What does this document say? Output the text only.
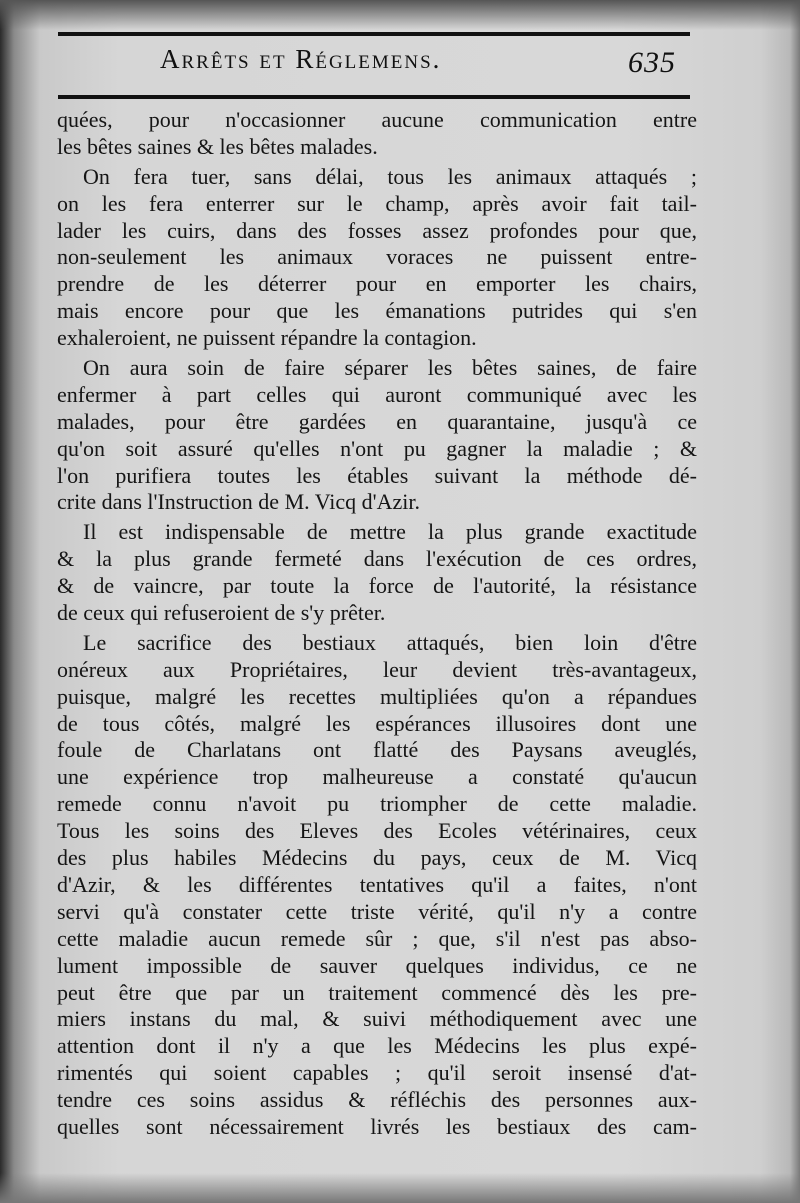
Arrêts et Réglemens.	635
quées, pour n'occasionner aucune communication entre
les bêtes saines & les bêtes malades.
On fera tuer, sans délai, tous les animaux attaqués ;
on les fera enterrer sur le champ, après avoir fait tail-
lader les cuirs, dans des fosses assez profondes pour que,
non-seulement les animaux voraces ne puissent entre-
prendre de les déterrer pour en emporter les chairs,
mais encore pour que les émanations putrides qui s'en
exhaleroient, ne puissent répandre la contagion.
On aura soin de faire séparer les bêtes saines, de faire
enfermer à part celles qui auront communiqué avec les
malades, pour être gardées en quarantaine, jusqu'à ce
qu'on soit assuré qu'elles n'ont pu gagner la maladie ; &
l'on purifiera toutes les étables suivant la méthode dé-
crite dans l'Instruction de M. Vicq d'Azir.
Il est indispensable de mettre la plus grande exactitude
& la plus grande fermeté dans l'exécution de ces ordres,
& de vaincre, par toute la force de l'autorité, la résistance
de ceux qui refuseroient de s'y prêter.
Le sacrifice des bestiaux attaqués, bien loin d'être
onéreux aux Propriétaires, leur devient très-avantageux,
puisque, malgré les recettes multipliées qu'on a répandues
de tous côtés, malgré les espérances illusoires dont une
foule de Charlatans ont flatté des Paysans aveuglés,
une expérience trop malheureuse a constaté qu'aucun
remede connu n'avoit pu triompher de cette maladie.
Tous les soins des Eleves des Ecoles vétérinaires, ceux
des plus habiles Médecins du pays, ceux de M. Vicq
d'Azir, & les différentes tentatives qu'il a faites, n'ont
servi qu'à constater cette triste vérité, qu'il n'y a contre
cette maladie aucun remede sûr ; que, s'il n'est pas abso-
lument impossible de sauver quelques individus, ce ne
peut être que par un traitement commencé dès les pre-
miers instans du mal, & suivi méthodiquement avec une
attention dont il n'y a que les Médecins les plus expé-
rimentés qui soient capables ; qu'il seroit insensé d'at-
tendre ces soins assidus & réfléchis des personnes aux-
quelles sont nécessairement livrés les bestiaux des cam-
